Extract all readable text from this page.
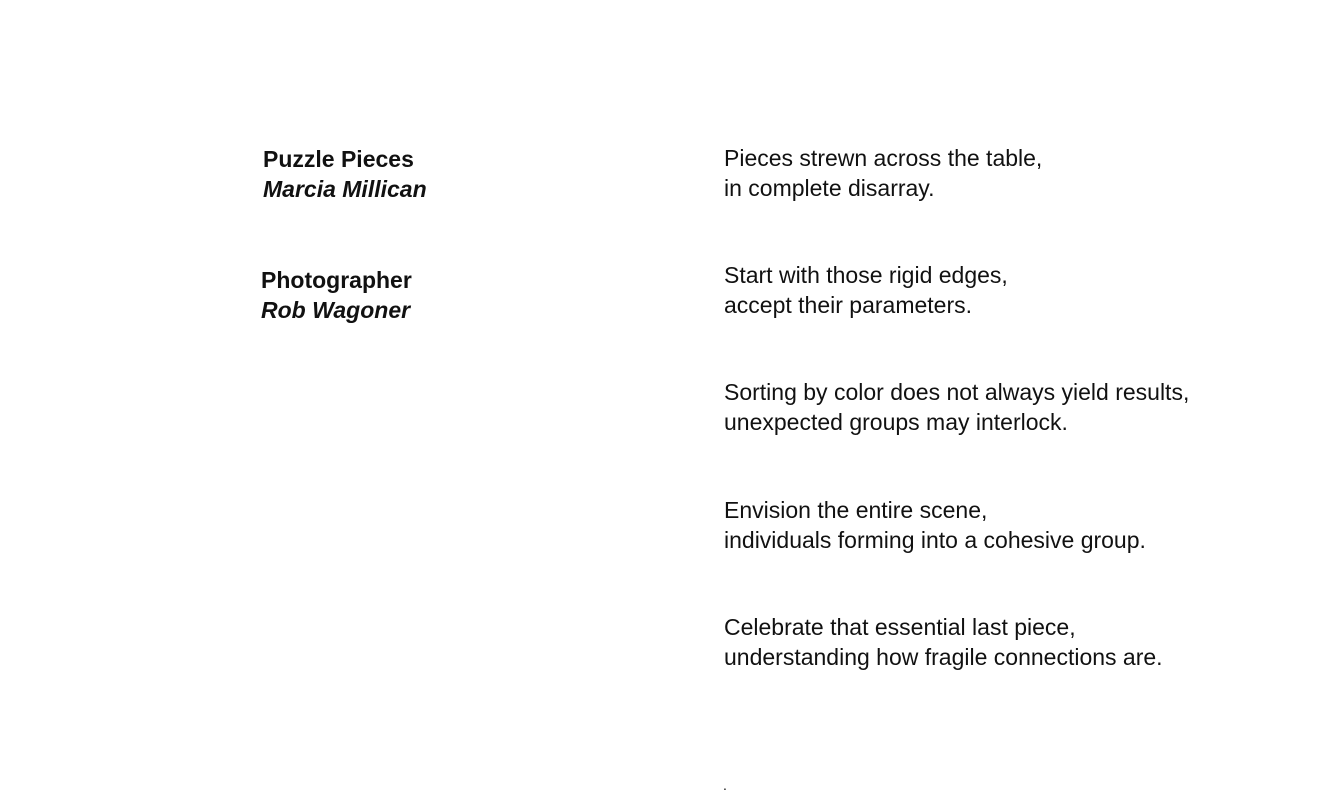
Puzzle Pieces
Marcia Millican
Photographer
Rob Wagoner
Pieces strewn across the table,
in complete disarray.
Start with those rigid edges,
accept their parameters.
Sorting by color does not always yield results,
unexpected groups may interlock.
Envision the entire scene,
individuals forming into a cohesive group.
Celebrate that essential last piece,
understanding how fragile connections are.
.
